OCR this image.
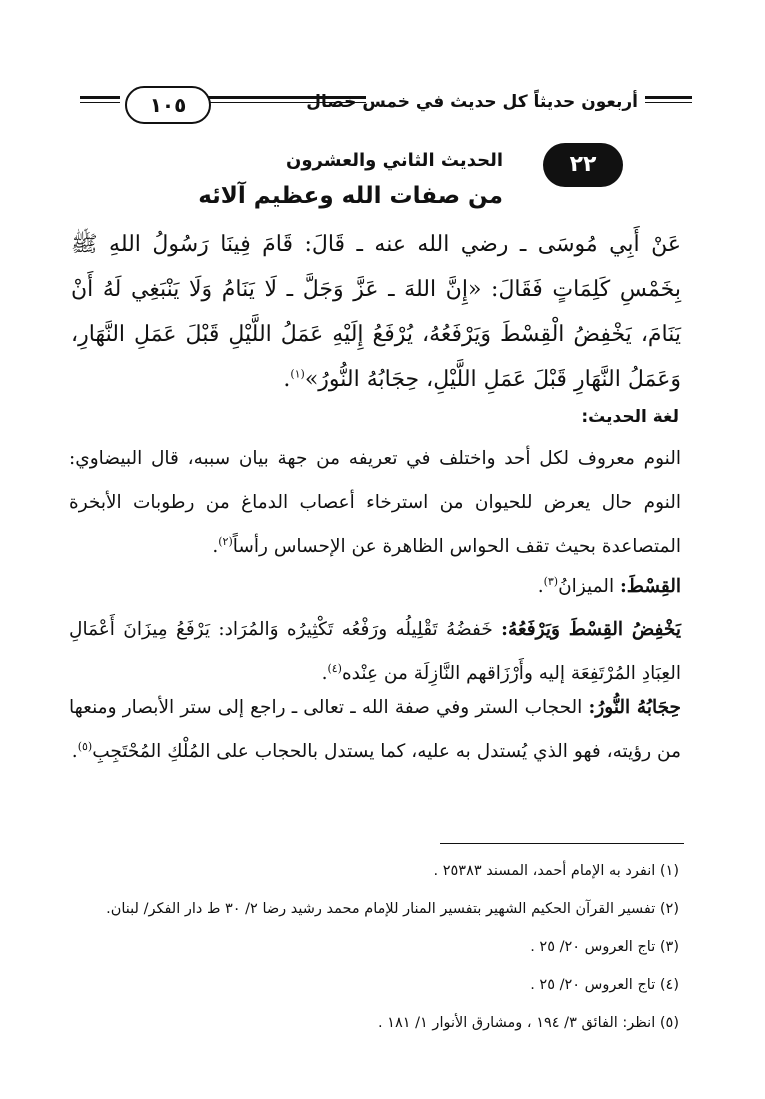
١٠٥	أربعون حديثاً كل حديث في خمس خصال
٢٢
الحديث الثاني والعشرون
من صفات الله وعظيم آلائه

عَنْ أَبِي مُوسَى ـ رضي الله عنه ـ قَالَ: قَامَ فِينَا رَسُولُ اللهِ ﷺ بِخَمْسِ كَلِمَاتٍ فَقَالَ: «إِنَّ اللهَ ـ عَزَّ وَجَلَّ ـ لَا يَنَامُ وَلَا يَنْبَغِي لَهُ أَنْ يَنَامَ، يَخْفِضُ الْقِسْطَ وَيَرْفَعُهُ، يُرْفَعُ إِلَيْهِ عَمَلُ اللَّيْلِ قَبْلَ عَمَلِ النَّهَارِ، وَعَمَلُ النَّهَارِ قَبْلَ عَمَلِ اللَّيْلِ، حِجَابُهُ النُّورُ»$^{(١)}$.

لغة الحديث:

النوم معروف لكل أحد واختلف في تعريفه من جهة بيان سببه، قال البيضاوي: النوم حال يعرض للحيوان من استرخاء أعصاب الدماغ من رطوبات الأبخرة المتصاعدة بحيث تقف الحواس الظاهرة عن الإحساس رأساً$^{(٢)}$.

القِسْطَ: الميزانُ$^{(٣)}$.

يَخْفِضُ القِسْطَ وَيَرْفَعُهُ: خَفضُهُ تَقْلِيلُه ورَفْعُه تَكْثِيرُه وَالمُرَاد: يَرْفَعُ مِيزَانَ أَعْمَالِ العِبَادِ المُرْتَفِعَة إليه وأَرْزَاقهم النَّازِلَة من عِنْده$^{(٤)}$.

حِجَابُهُ النُّورُ: الحجاب الستر وفي صفة الله ـ تعالى ـ راجع إلى ستر الأبصار ومنعها من رؤيته، فهو الذي يُستدل به عليه، كما يستدل بالحجاب على المُلْكِ المُحْتَجِبِ$^{(٥)}$.

(١) انفرد به الإمام أحمد، المسند ٢٥٣٨٣ .
(٢) تفسير القرآن الحكيم الشهير بتفسير المنار للإمام محمد رشيد رضا ٢/ ٣٠ ط دار الفكر/ لبنان.
(٣) تاج العروس ٢٠/ ٢٥ .
(٤) تاج العروس ٢٠/ ٢٥ .
(٥) انظر: الفائق ٣/ ١٩٤ ، ومشارق الأنوار ١/ ١٨١ .
